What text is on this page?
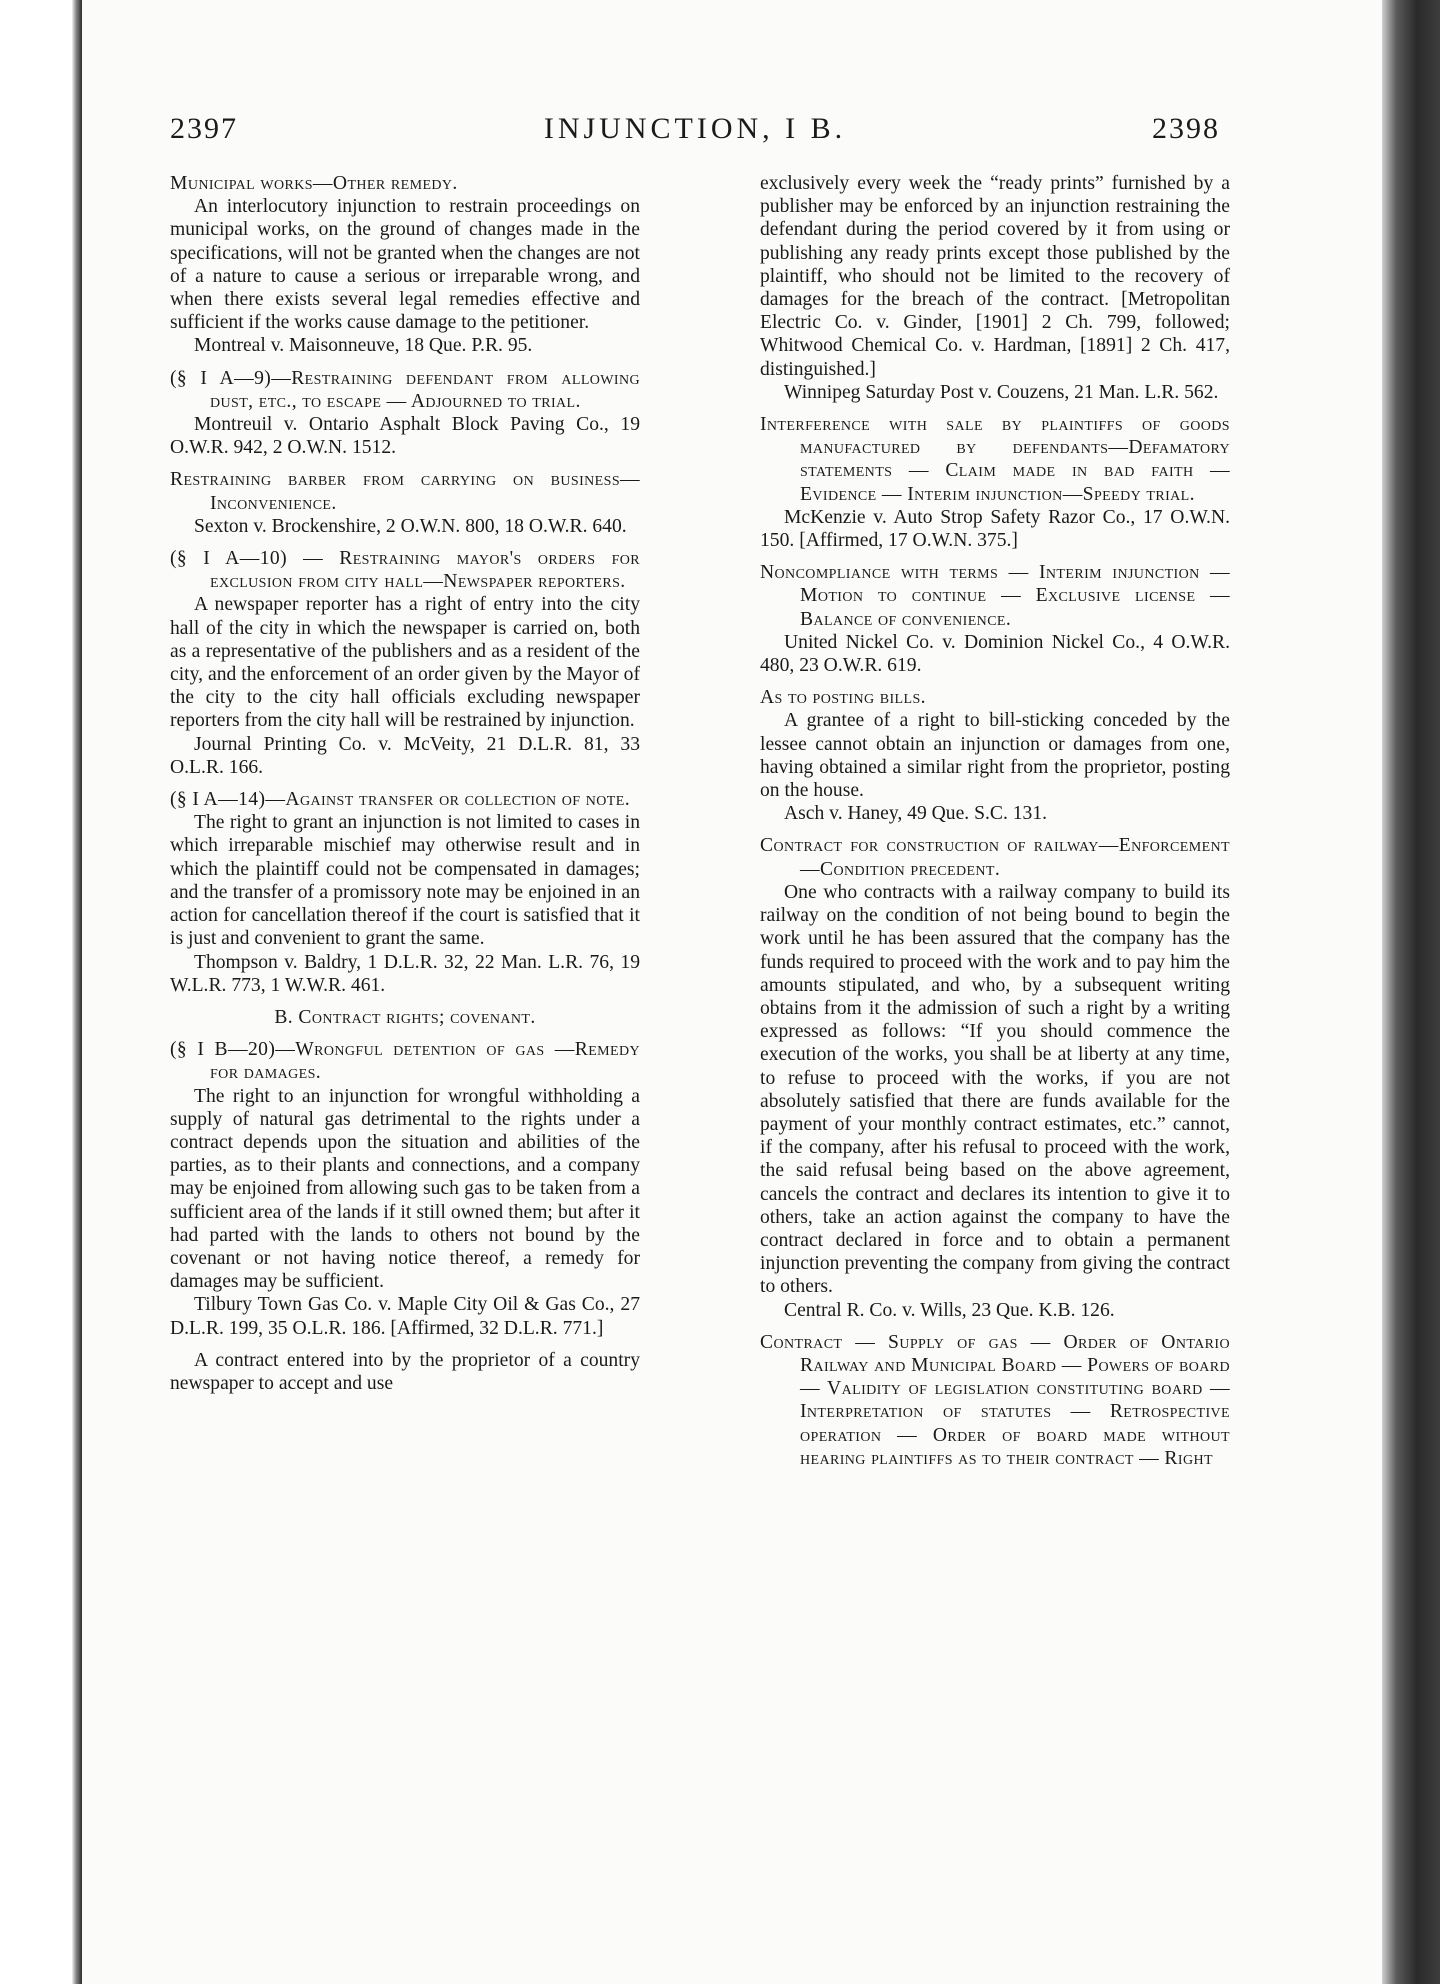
INJUNCTION, I B.
2397	2398

Municipal works—Other remedy.

An interlocutory injunction to restrain proceedings on municipal works, on the ground of changes made in the specifications, will not be granted when the changes are not of a nature to cause a serious or irreparable wrong, and when there exists several legal remedies effective and sufficient if the works cause damage to the petitioner.

Montreal v. Maisonneuve, 18 Que. P.R. 95.

(§ I A—9)—Restraining defendant from allowing dust, etc., to escape — Adjourned to trial.

Montreuil v. Ontario Asphalt Block Paving Co., 19 O.W.R. 942, 2 O.W.N. 1512.

Restraining barber from carrying on business—Inconvenience.

Sexton v. Brockenshire, 2 O.W.N. 800, 18 O.W.R. 640.

(§ I A—10) — Restraining mayor's orders for exclusion from city hall—Newspaper reporters.

A newspaper reporter has a right of entry into the city hall of the city in which the newspaper is carried on, both as a representative of the publishers and as a resident of the city, and the enforcement of an order given by the Mayor of the city to the city hall officials excluding newspaper reporters from the city hall will be restrained by injunction.

Journal Printing Co. v. McVeity, 21 D.L.R. 81, 33 O.L.R. 166.

(§ I A—14)—Against transfer or collection of note.

The right to grant an injunction is not limited to cases in which irreparable mischief may otherwise result and in which the plaintiff could not be compensated in damages; and the transfer of a promissory note may be enjoined in an action for cancellation thereof if the court is satisfied that it is just and convenient to grant the same.

Thompson v. Baldry, 1 D.L.R. 32, 22 Man. L.R. 76, 19 W.L.R. 773, 1 W.W.R. 461.

B. Contract rights; covenant.

(§ I B—20)—Wrongful detention of gas —Remedy for damages.

The right to an injunction for wrongful withholding a supply of natural gas detrimental to the rights under a contract depends upon the situation and abilities of the parties, as to their plants and connections, and a company may be enjoined from allowing such gas to be taken from a sufficient area of the lands if it still owned them; but after it had parted with the lands to others not bound by the covenant or not having notice thereof, a remedy for damages may be sufficient.

Tilbury Town Gas Co. v. Maple City Oil & Gas Co., 27 D.L.R. 199, 35 O.L.R. 186. [Affirmed, 32 D.L.R. 771.]

A contract entered into by the proprietor of a country newspaper to accept and use

exclusively every week the “ready prints” furnished by a publisher may be enforced by an injunction restraining the defendant during the period covered by it from using or publishing any ready prints except those published by the plaintiff, who should not be limited to the recovery of damages for the breach of the contract. [Metropolitan Electric Co. v. Ginder, [1901] 2 Ch. 799, followed; Whitwood Chemical Co. v. Hardman, [1891] 2 Ch. 417, distinguished.]

Winnipeg Saturday Post v. Couzens, 21 Man. L.R. 562.

Interference with sale by plaintiffs of goods manufactured by defendants—Defamatory statements — Claim made in bad faith — Evidence — Interim injunction—Speedy trial.

McKenzie v. Auto Strop Safety Razor Co., 17 O.W.N. 150. [Affirmed, 17 O.W.N. 375.]

Noncompliance with terms — Interim injunction — Motion to continue — Exclusive license — Balance of convenience.

United Nickel Co. v. Dominion Nickel Co., 4 O.W.R. 480, 23 O.W.R. 619.

As to posting bills.

A grantee of a right to bill-sticking conceded by the lessee cannot obtain an injunction or damages from one, having obtained a similar right from the proprietor, posting on the house.

Asch v. Haney, 49 Que. S.C. 131.

Contract for construction of railway—Enforcement—Condition precedent.

One who contracts with a railway company to build its railway on the condition of not being bound to begin the work until he has been assured that the company has the funds required to proceed with the work and to pay him the amounts stipulated, and who, by a subsequent writing obtains from it the admission of such a right by a writing expressed as follows: “If you should commence the execution of the works, you shall be at liberty at any time, to refuse to proceed with the works, if you are not absolutely satisfied that there are funds available for the payment of your monthly contract estimates, etc.” cannot, if the company, after his refusal to proceed with the work, the said refusal being based on the above agreement, cancels the contract and declares its intention to give it to others, take an action against the company to have the contract declared in force and to obtain a permanent injunction preventing the company from giving the contract to others.

Central R. Co. v. Wills, 23 Que. K.B. 126.

Contract — Supply of gas — Order of Ontario Railway and Municipal Board — Powers of board — Validity of legislation constituting board — Interpretation of statutes — Retrospective operation — Order of board made without hearing plaintiffs as to their contract — Right
